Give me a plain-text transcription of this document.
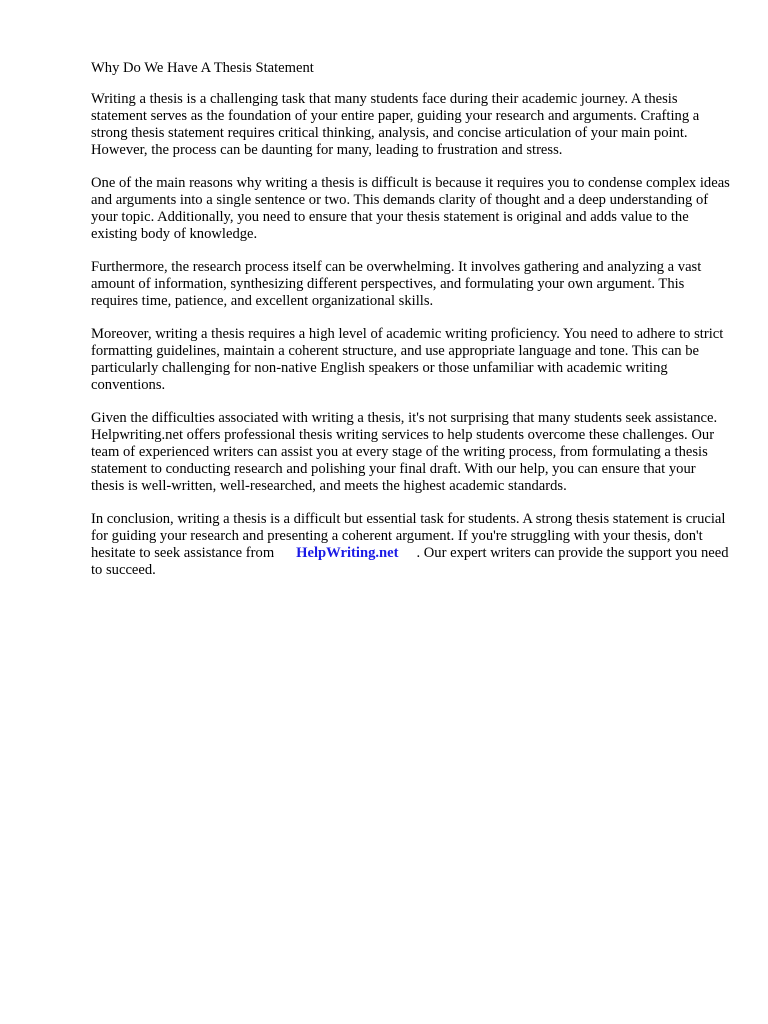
Why Do We Have A Thesis Statement

Writing a thesis is a challenging task that many students face during their academic journey. A thesis statement serves as the foundation of your entire paper, guiding your research and arguments. Crafting a strong thesis statement requires critical thinking, analysis, and concise articulation of your main point. However, the process can be daunting for many, leading to frustration and stress.

One of the main reasons why writing a thesis is difficult is because it requires you to condense complex ideas and arguments into a single sentence or two. This demands clarity of thought and a deep understanding of your topic. Additionally, you need to ensure that your thesis statement is original and adds value to the existing body of knowledge.

Furthermore, the research process itself can be overwhelming. It involves gathering and analyzing a vast amount of information, synthesizing different perspectives, and formulating your own argument. This requires time, patience, and excellent organizational skills.

Moreover, writing a thesis requires a high level of academic writing proficiency. You need to adhere to strict formatting guidelines, maintain a coherent structure, and use appropriate language and tone. This can be particularly challenging for non-native English speakers or those unfamiliar with academic writing conventions.

Given the difficulties associated with writing a thesis, it's not surprising that many students seek assistance. Helpwriting.net offers professional thesis writing services to help students overcome these challenges. Our team of experienced writers can assist you at every stage of the writing process, from formulating a thesis statement to conducting research and polishing your final draft. With our help, you can ensure that your thesis is well-written, well-researched, and meets the highest academic standards.

In conclusion, writing a thesis is a difficult but essential task for students. A strong thesis statement is crucial for guiding your research and presenting a coherent argument. If you're struggling with your thesis, don't hesitate to seek assistance from HelpWriting.net . Our expert writers can provide the support you need to succeed.
